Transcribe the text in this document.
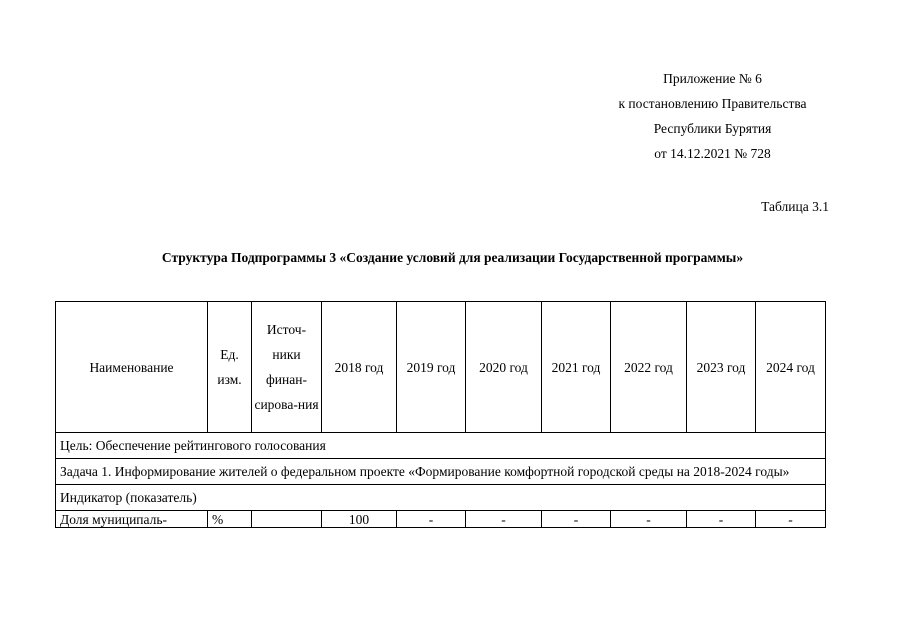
Приложение № 6
к постановлению Правительства
Республики Бурятия
от 14.12.2021 № 728
Таблица 3.1
Структура Подпрограммы 3 «Создание условий для реализации Государственной программы»
Наименование	Ед. изм.	Источ-ники финан-сирова-ния	2018 год	2019 год	2020 год	2021 год	2022 год	2023 год	2024 год
Цель: Обеспечение рейтингового голосования									
Задача 1. Информирование жителей о федеральном проекте «Формирование комфортной городской среды на 2018-2024 годы»									
Индикатор (показатель)									
Доля муниципаль-	%		100	-	-	-	-	-	-
